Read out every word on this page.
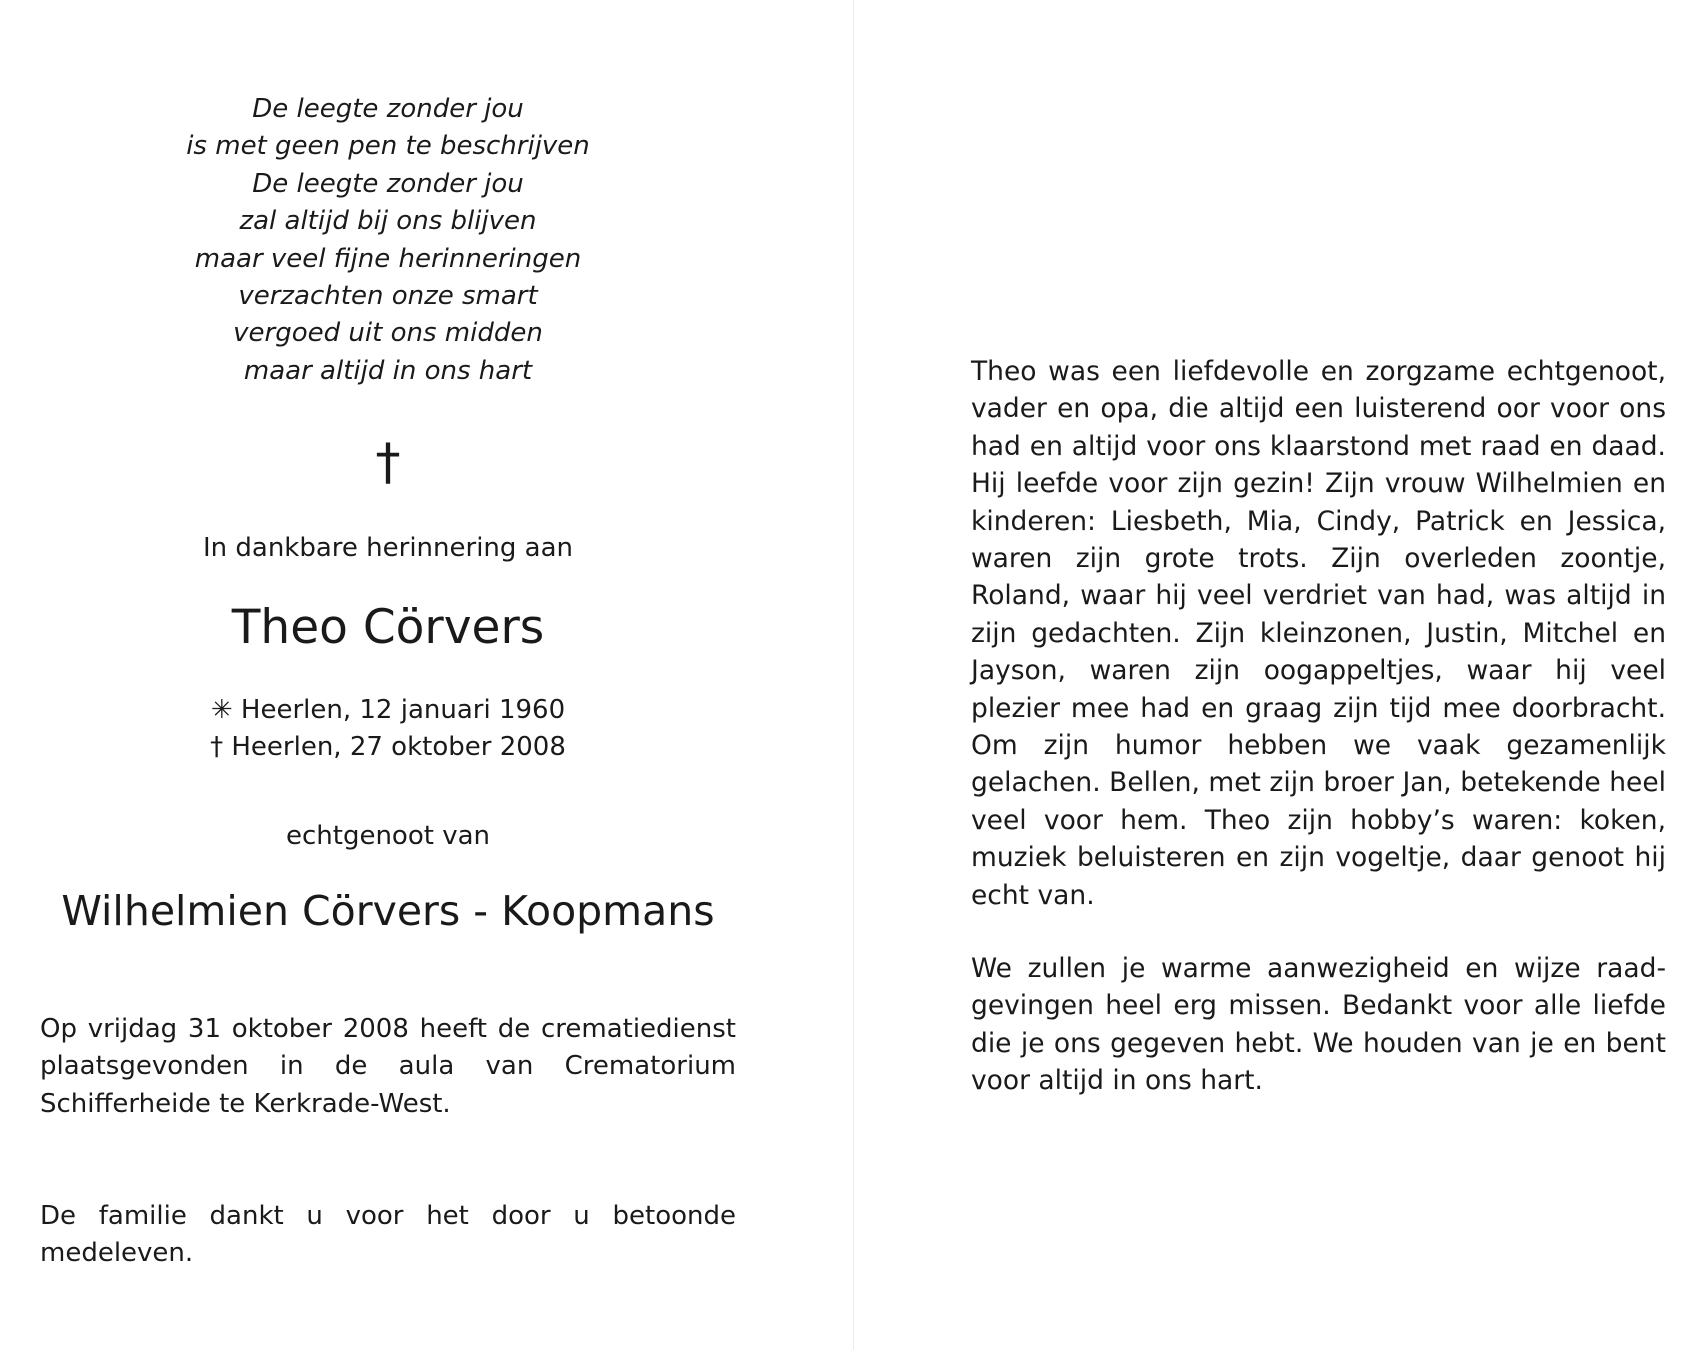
De leegte zonder jou
is met geen pen te beschrijven
De leegte zonder jou
zal altijd bij ons blijven
maar veel fijne herinneringen
verzachten onze smart
vergoed uit ons midden
maar altijd in ons hart
†
In dankbare herinnering aan
Theo Cörvers
✳ Heerlen, 12 januari 1960
† Heerlen, 27 oktober 2008
echtgenoot van
Wilhelmien Cörvers - Koopmans
Op vrijdag 31 oktober 2008 heeft de crematiedienst plaatsgevonden in de aula van Crematorium Schifferheide te Kerkrade-West.
De familie dankt u voor het door u betoonde medeleven.
Theo was een liefdevolle en zorgzame echtgenoot, vader en opa, die altijd een luisterend oor voor ons had en altijd voor ons klaarstond met raad en daad. Hij leefde voor zijn gezin! Zijn vrouw Wilhelmien en kinderen: Liesbeth, Mia, Cindy, Patrick en Jessica, waren zijn grote trots. Zijn overleden zoontje, Roland, waar hij veel verdriet van had, was altijd in zijn gedachten. Zijn kleinzonen, Justin, Mitchel en Jayson, waren zijn oogappeltjes, waar hij veel plezier mee had en graag zijn tijd mee doorbracht. Om zijn humor hebben we vaak gezamenlijk gelachen. Bellen, met zijn broer Jan, betekende heel veel voor hem. Theo zijn hobby’s waren: koken, muziek beluisteren en zijn vogeltje, daar genoot hij echt van.
We zullen je warme aanwezigheid en wijze raadgevingen heel erg missen. Bedankt voor alle liefde die je ons gegeven hebt. We houden van je en bent voor altijd in ons hart.
